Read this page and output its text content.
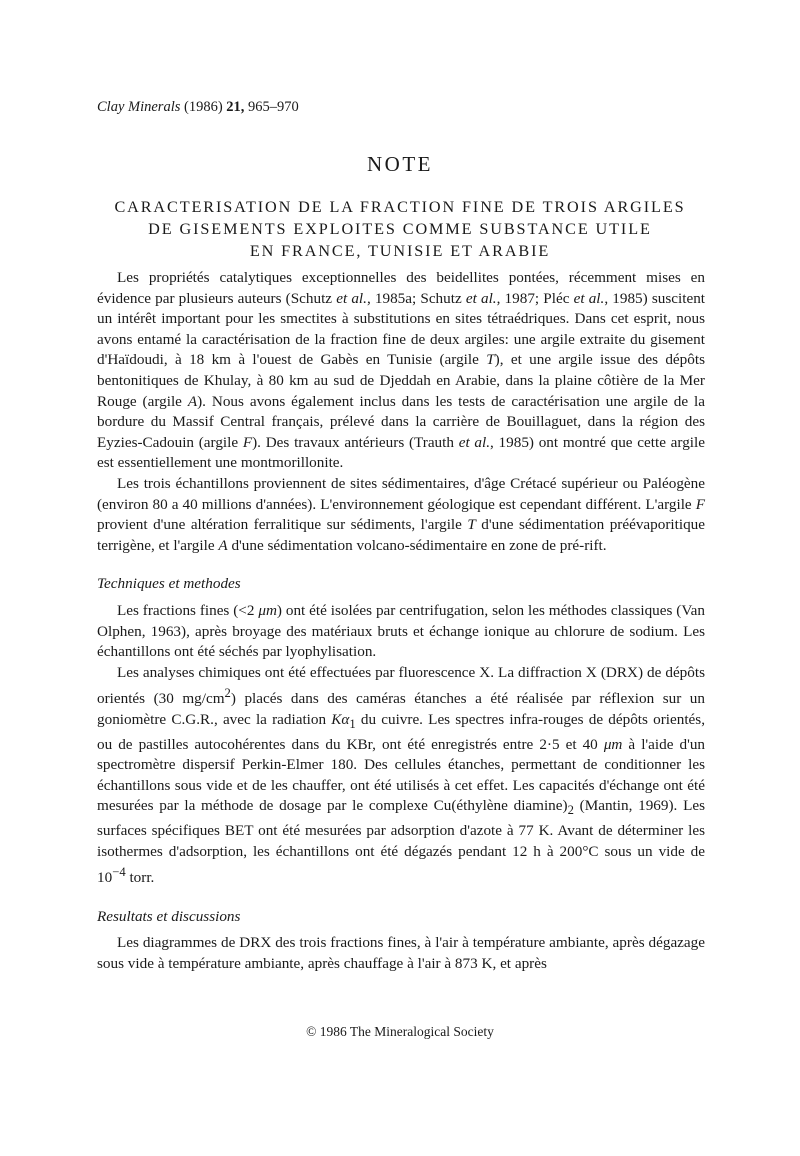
Clay Minerals (1986) 21, 965–970
NOTE
CARACTERISATION DE LA FRACTION FINE DE TROIS ARGILES
DE GISEMENTS EXPLOITES COMME SUBSTANCE UTILE
EN FRANCE, TUNISIE ET ARABIE

Les propriétés catalytiques exceptionnelles des beidellites pontées, récemment mises en évidence par plusieurs auteurs (Schutz et al., 1985a; Schutz et al., 1987; Pléc et al., 1985) suscitent un intérêt important pour les smectites à substitutions en sites tétraédriques. Dans cet esprit, nous avons entamé la caractérisation de la fraction fine de deux argiles: une argile extraite du gisement d'Haïdoudi, à 18 km à l'ouest de Gabès en Tunisie (argile T), et une argile issue des dépôts bentonitiques de Khulay, à 80 km au sud de Djeddah en Arabie, dans la plaine côtière de la Mer Rouge (argile A). Nous avons également inclus dans les tests de caractérisation une argile de la bordure du Massif Central français, prélevé dans la carrière de Bouillaguet, dans la région des Eyzies-Cadouin (argile F). Des travaux antérieurs (Trauth et al., 1985) ont montré que cette argile est essentiellement une montmorillonite.

Les trois échantillons proviennent de sites sédimentaires, d'âge Crétacé supérieur ou Paléogène (environ 80 a 40 millions d'années). L'environnement géologique est cependant différent. L'argile F provient d'une altération ferralitique sur sédiments, l'argile T d'une sédimentation préévaporitique terrigène, et l'argile A d'une sédimentation volcano-sédimentaire en zone de pré-rift.

Techniques et methodes

Les fractions fines (<2 μm) ont été isolées par centrifugation, selon les méthodes classiques (Van Olphen, 1963), après broyage des matériaux bruts et échange ionique au chlorure de sodium. Les échantillons ont été séchés par lyophylisation.

Les analyses chimiques ont été effectuées par fluorescence X. La diffraction X (DRX) de dépôts orientés (30 $mg/cm^2$) placés dans des caméras étanches a été réalisée par réflexion sur un goniomètre C.G.R., avec la radiation $K\alpha_1$ du cuivre. Les spectres infra-rouges de dépôts orientés, ou de pastilles autocohérentes dans du KBr, ont été enregistrés entre 2·5 et 40 μm à l'aide d'un spectromètre dispersif Perkin-Elmer 180. Des cellules étanches, permettant de conditionner les échantillons sous vide et de les chauffer, ont été utilisés à cet effet. Les capacités d'échange ont été mesurées par la méthode de dosage par le complexe Cu(éthylène $diamine)_2$ (Mantin, 1969). Les surfaces spécifiques BET ont été mesurées par adsorption d'azote à 77 K. Avant de déterminer les isothermes d'adsorption, les échantillons ont été dégazés pendant 12 h à 200°C sous un vide de $10^{-4}$ torr.

Resultats et discussions

Les diagrammes de DRX des trois fractions fines, à l'air à température ambiante, après dégazage sous vide à température ambiante, après chauffage à l'air à 873 K, et après

© 1986 The Mineralogical Society
